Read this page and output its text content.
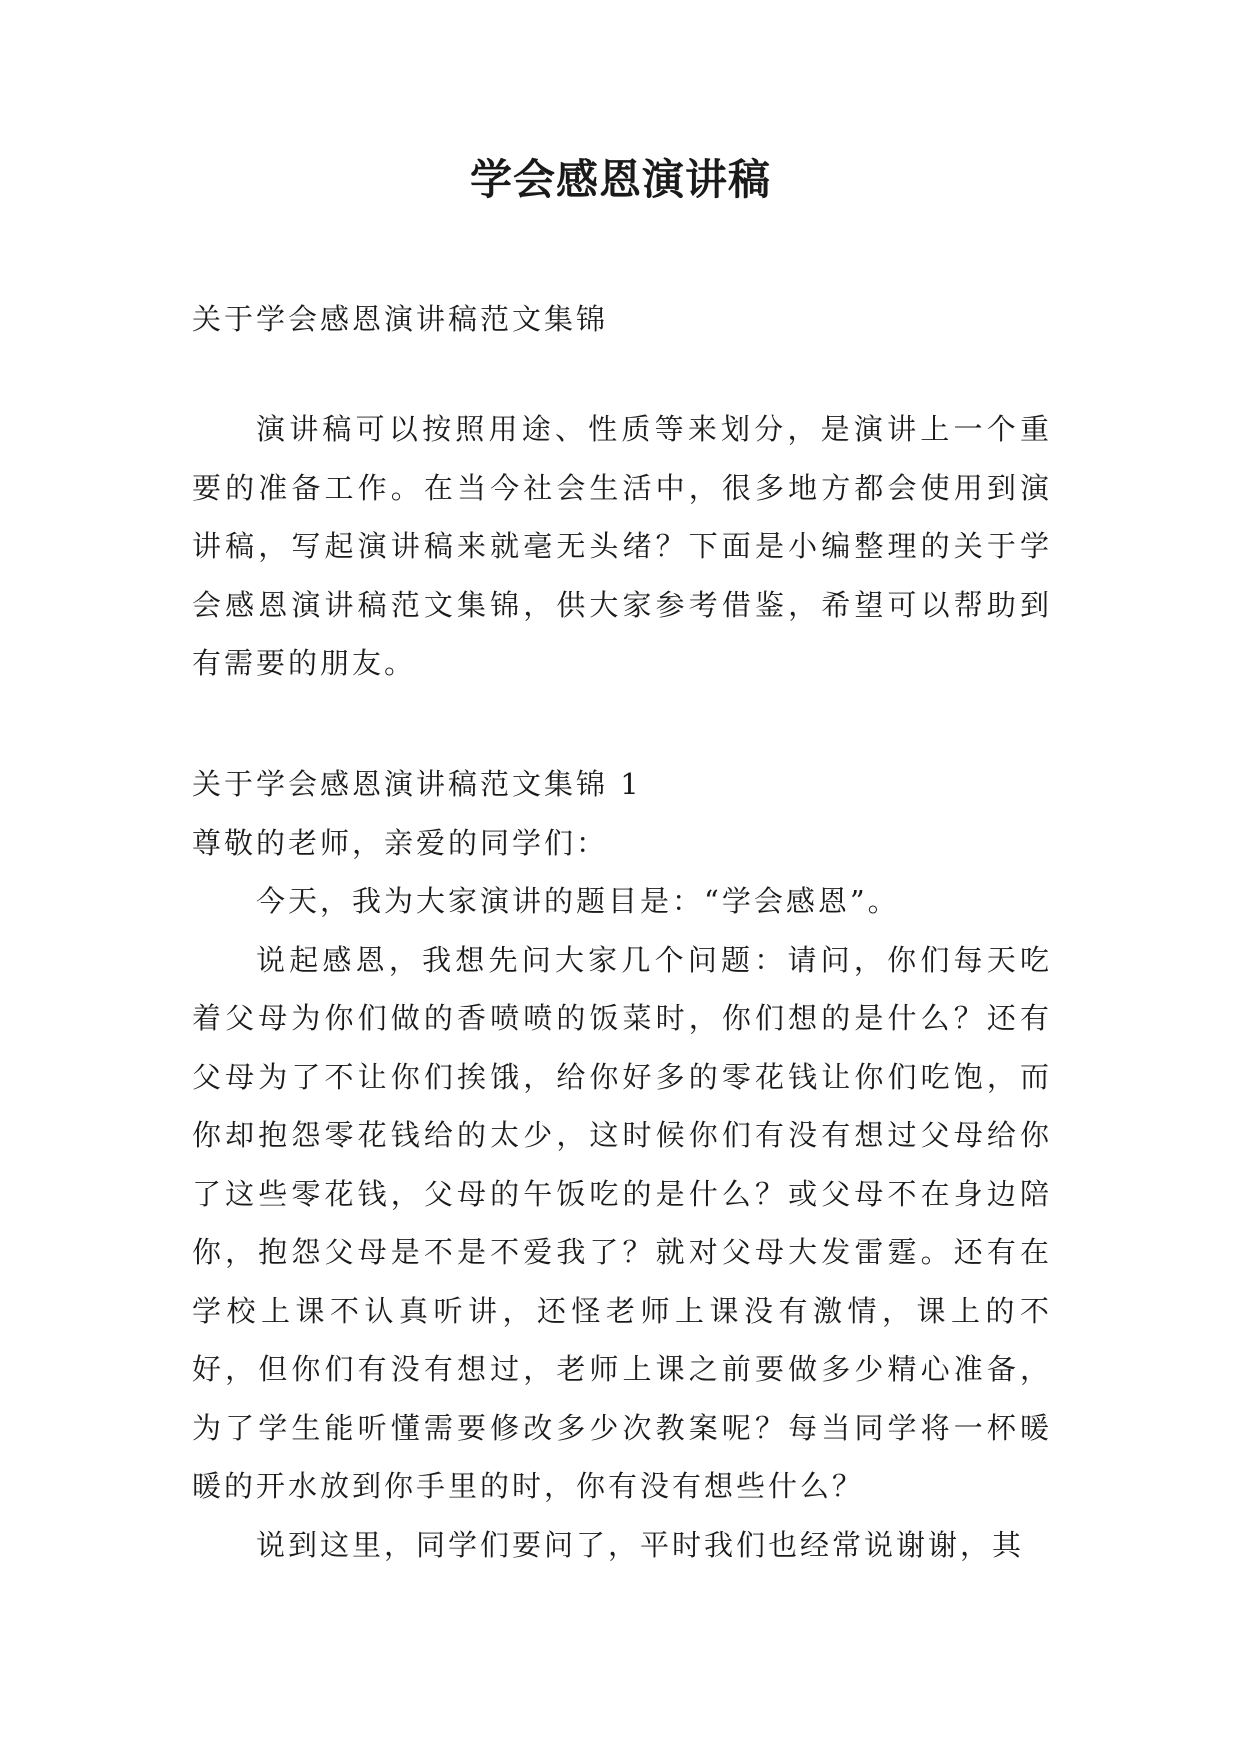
学会感恩演讲稿
关于学会感恩演讲稿范文集锦

演讲稿可以按照用途、性质等来划分，是演讲上一个重要的准备工作。在当今社会生活中，很多地方都会使用到演讲稿，写起演讲稿来就毫无头绪？下面是小编整理的关于学会感恩演讲稿范文集锦，供大家参考借鉴，希望可以帮助到有需要的朋友。

关于学会感恩演讲稿范文集锦 1

尊敬的老师，亲爱的同学们：

今天，我为大家演讲的题目是：“学会感恩”。

说起感恩，我想先问大家几个问题：请问，你们每天吃着父母为你们做的香喷喷的饭菜时，你们想的是什么？还有父母为了不让你们挨饿，给你好多的零花钱让你们吃饱，而你却抱怨零花钱给的太少，这时候你们有没有想过父母给你了这些零花钱，父母的午饭吃的是什么？或父母不在身边陪你，抱怨父母是不是不爱我了？就对父母大发雷霆。还有在学校上课不认真听讲，还怪老师上课没有激情，课上的不好，但你们有没有想过，老师上课之前要做多少精心准备，为了学生能听懂需要修改多少次教案呢？每当同学将一杯暖暖的开水放到你手里的时，你有没有想些什么？

说到这里，同学们要问了，平时我们也经常说谢谢，其
